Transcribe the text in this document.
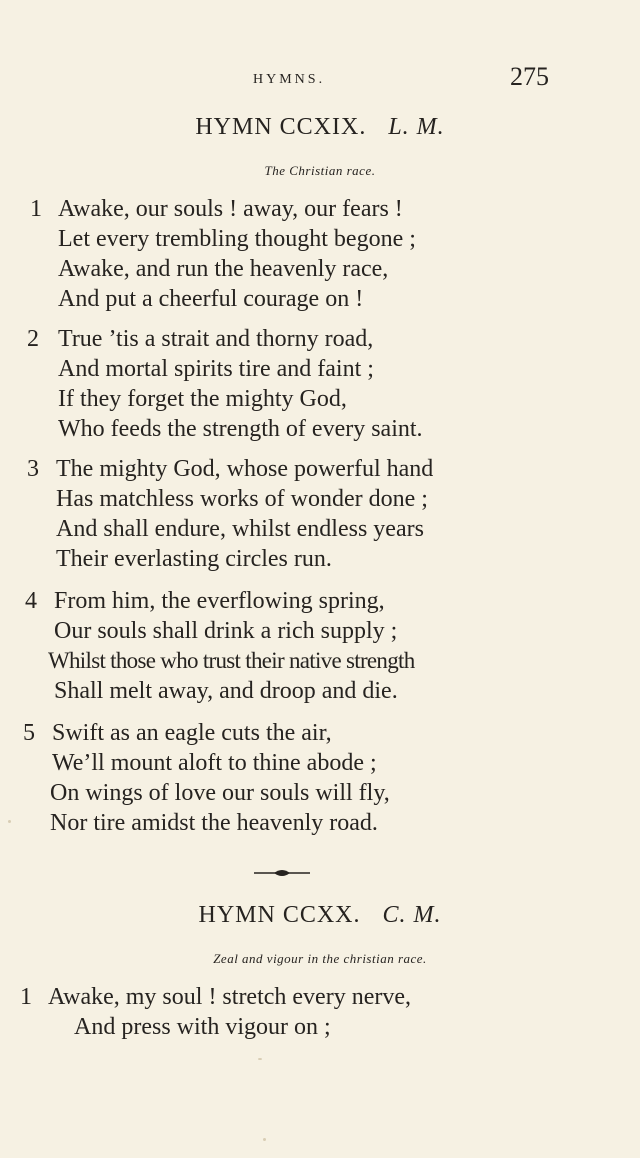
HYMNS.	275
HYMN CCXIX. L. M.
The Christian race.
1 Awake, our souls ! away, our fears !
Let every trembling thought begone ;
Awake, and run the heavenly race,
And put a cheerful courage on !
2 True ’tis a strait and thorny road,
And mortal spirits tire and faint ;
If they forget the mighty God,
Who feeds the strength of every saint.
3 The mighty God, whose powerful hand
Has matchless works of wonder done ;
And shall endure, whilst endless years
Their everlasting circles run.
4 From him, the everflowing spring,
Our souls shall drink a rich supply ;
Whilst those who trust their native strength
Shall melt away, and droop and die.
5 Swift as an eagle cuts the air,
We’ll mount aloft to thine abode ;
On wings of love our souls will fly,
Nor tire amidst the heavenly road.
HYMN CCXX. C. M.
Zeal and vigour in the christian race.
1 Awake, my soul ! stretch every nerve,
And press with vigour on ;
